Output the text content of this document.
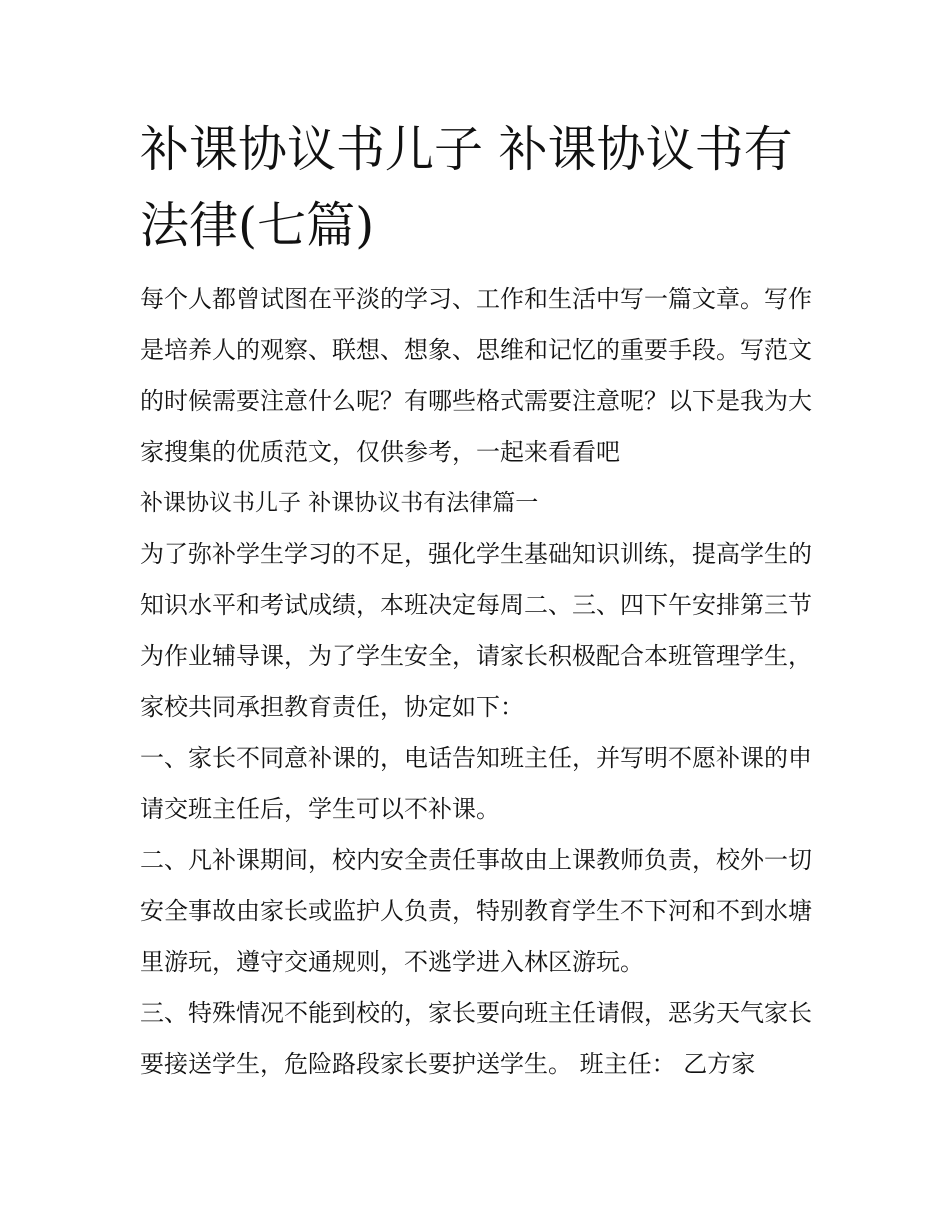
补课协议书儿子 补课协议书有法律(七篇)

每个人都曾试图在平淡的学习、工作和生活中写一篇文章。写作是培养人的观察、联想、想象、思维和记忆的重要手段。写范文的时候需要注意什么呢？有哪些格式需要注意呢？以下是我为大家搜集的优质范文，仅供参考，一起来看看吧

补课协议书儿子 补课协议书有法律篇一

为了弥补学生学习的不足，强化学生基础知识训练，提高学生的知识水平和考试成绩，本班决定每周二、三、四下午安排第三节为作业辅导课，为了学生安全，请家长积极配合本班管理学生，家校共同承担教育责任，协定如下：

一、家长不同意补课的，电话告知班主任，并写明不愿补课的申请交班主任后，学生可以不补课。

二、凡补课期间，校内安全责任事故由上课教师负责，校外一切安全事故由家长或监护人负责，特别教育学生不下河和不到水塘里游玩，遵守交通规则，不逃学进入林区游玩。

三、特殊情况不能到校的，家长要向班主任请假，恶劣天气家长要接送学生，危险路段家长要护送学生。 班主任： 乙方家
